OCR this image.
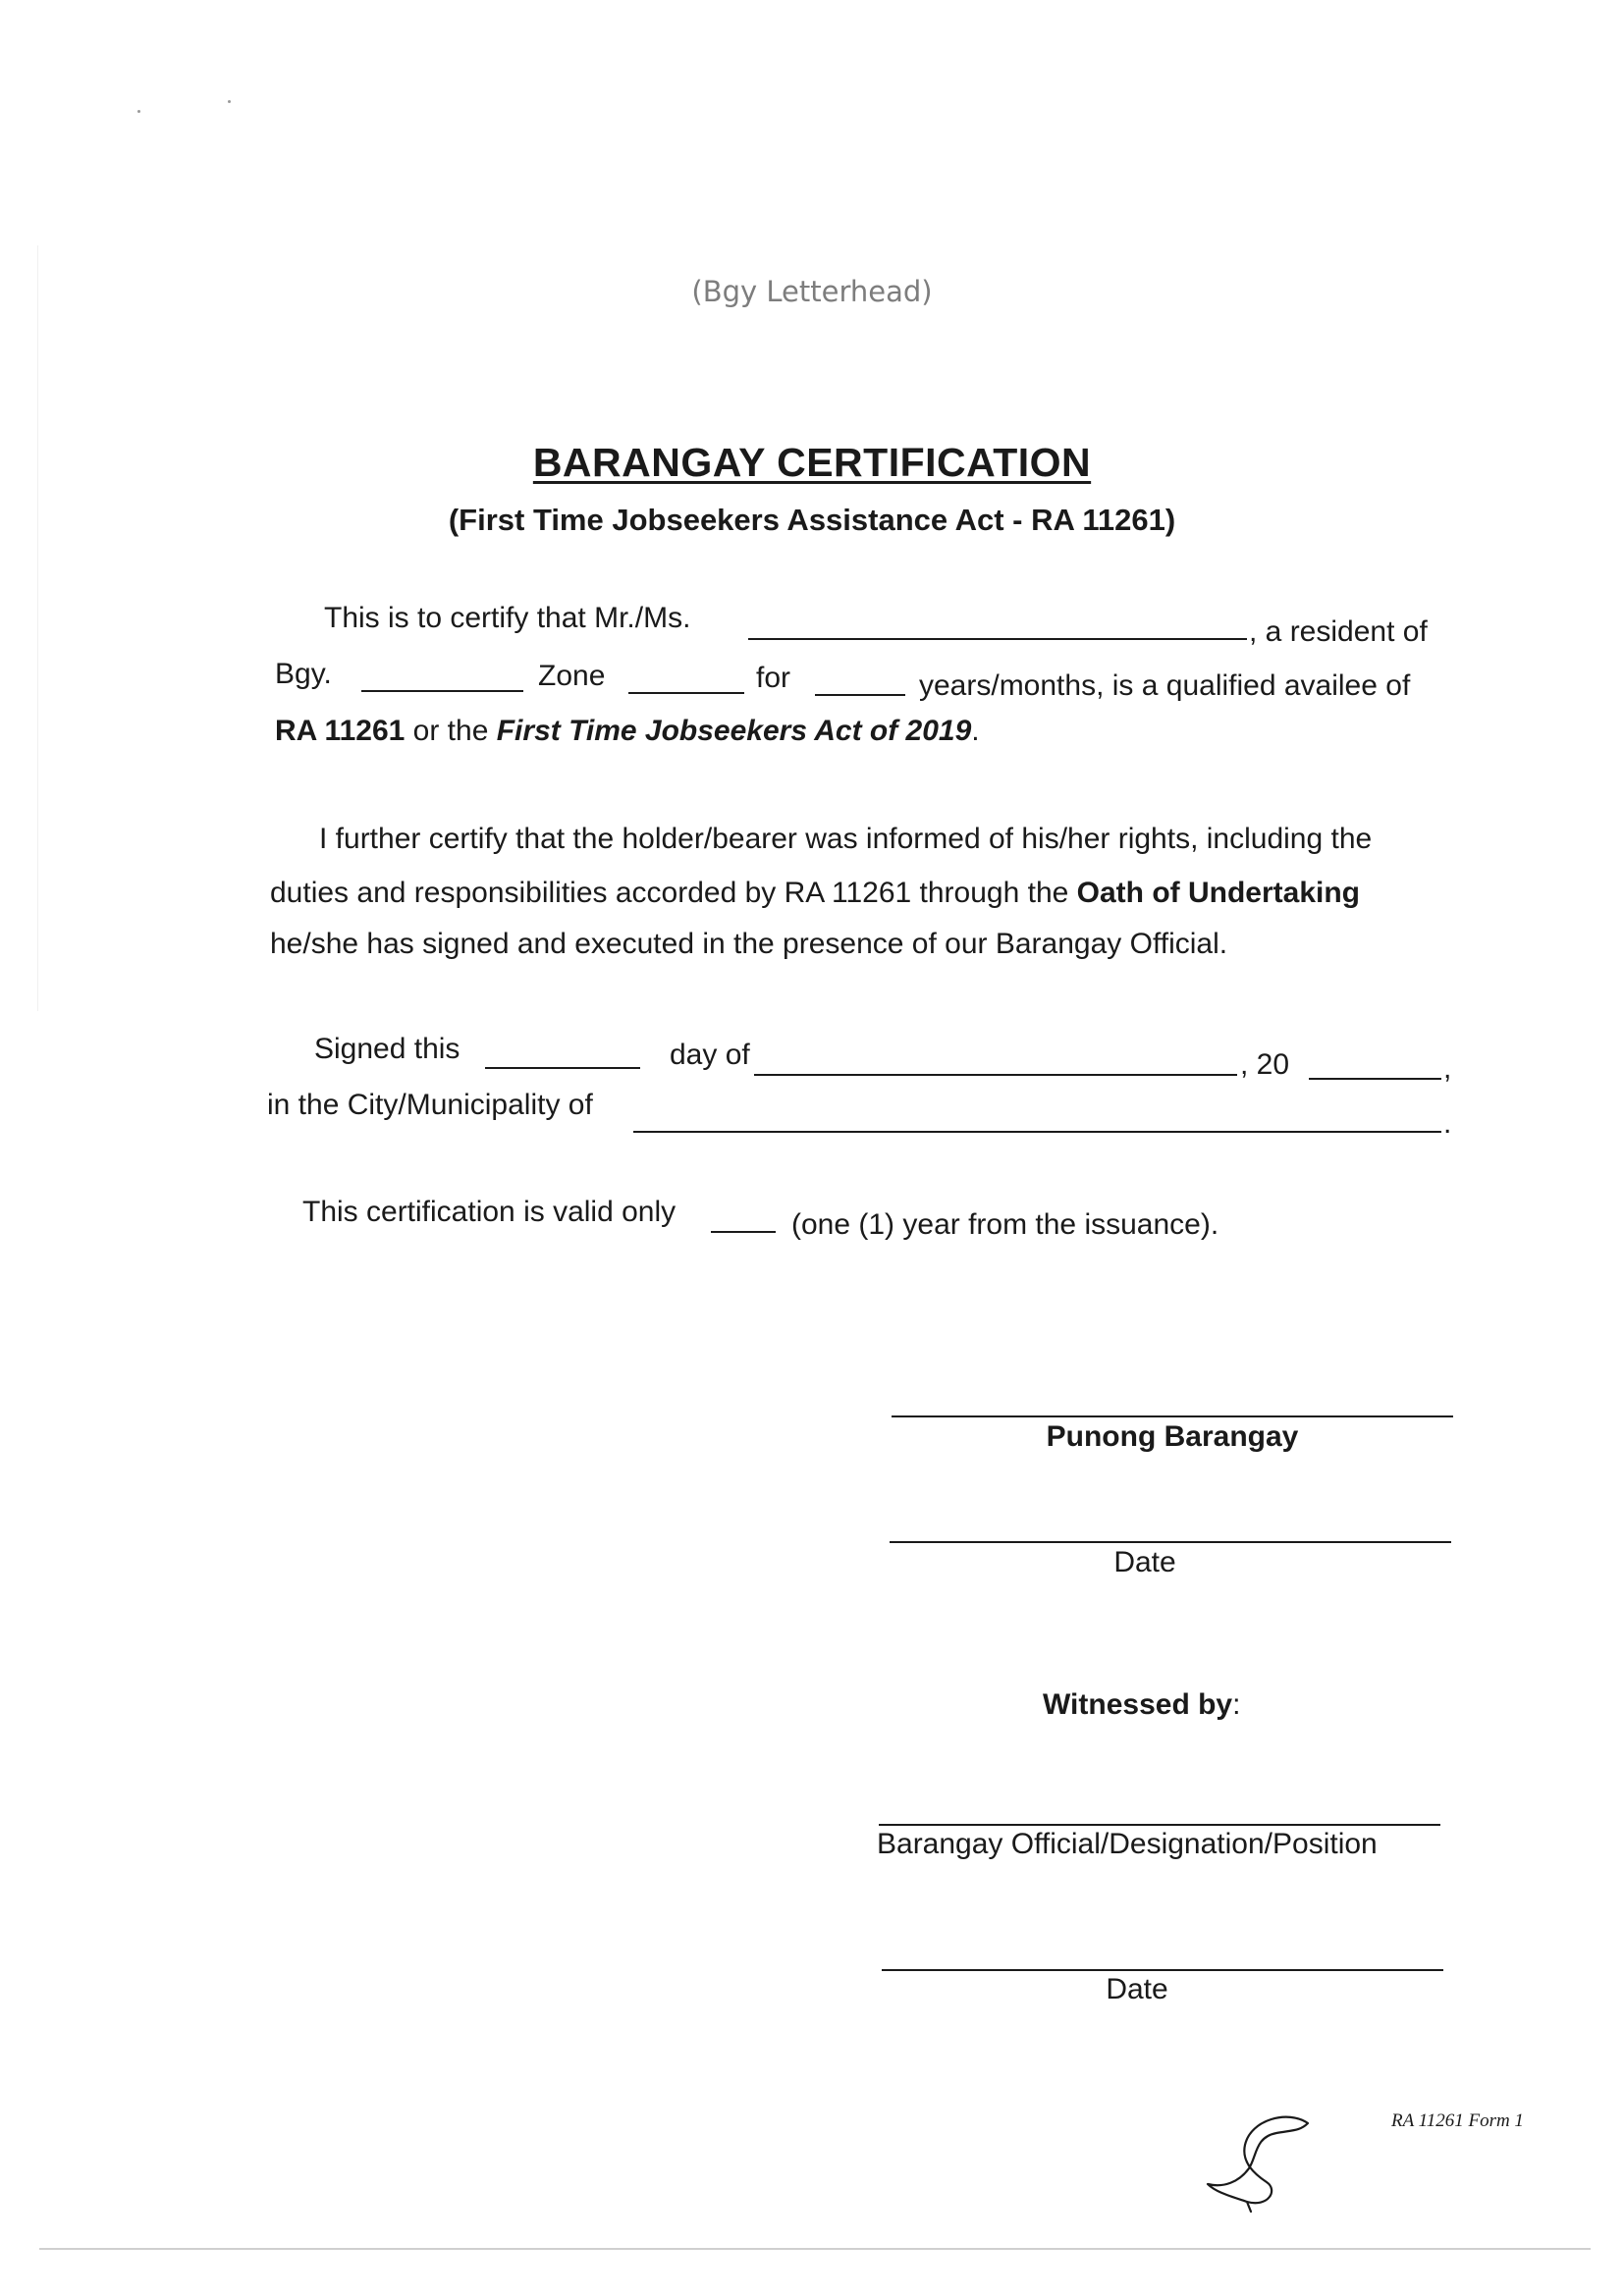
(Bgy Letterhead)
BARANGAY CERTIFICATION
(First Time Jobseekers Assistance Act - RA 11261)
This is to certify that Mr./Ms.	, a resident of
Bgy.	Zone	for	years/months, is a qualified availee of
RA 11261 or the First Time Jobseekers Act of 2019.
I further certify that the holder/bearer was informed of his/her rights, including the
duties and responsibilities accorded by RA 11261 through the Oath of Undertaking
he/she has signed and executed in the presence of our Barangay Official.
Signed this	day of	, 20	,
in the City/Municipality of
.
This certification is valid only	(one (1) year from the issuance).
Punong Barangay
Date
Witnessed by:
Barangay Official/Designation/Position
Date
RA 11261 Form 1
